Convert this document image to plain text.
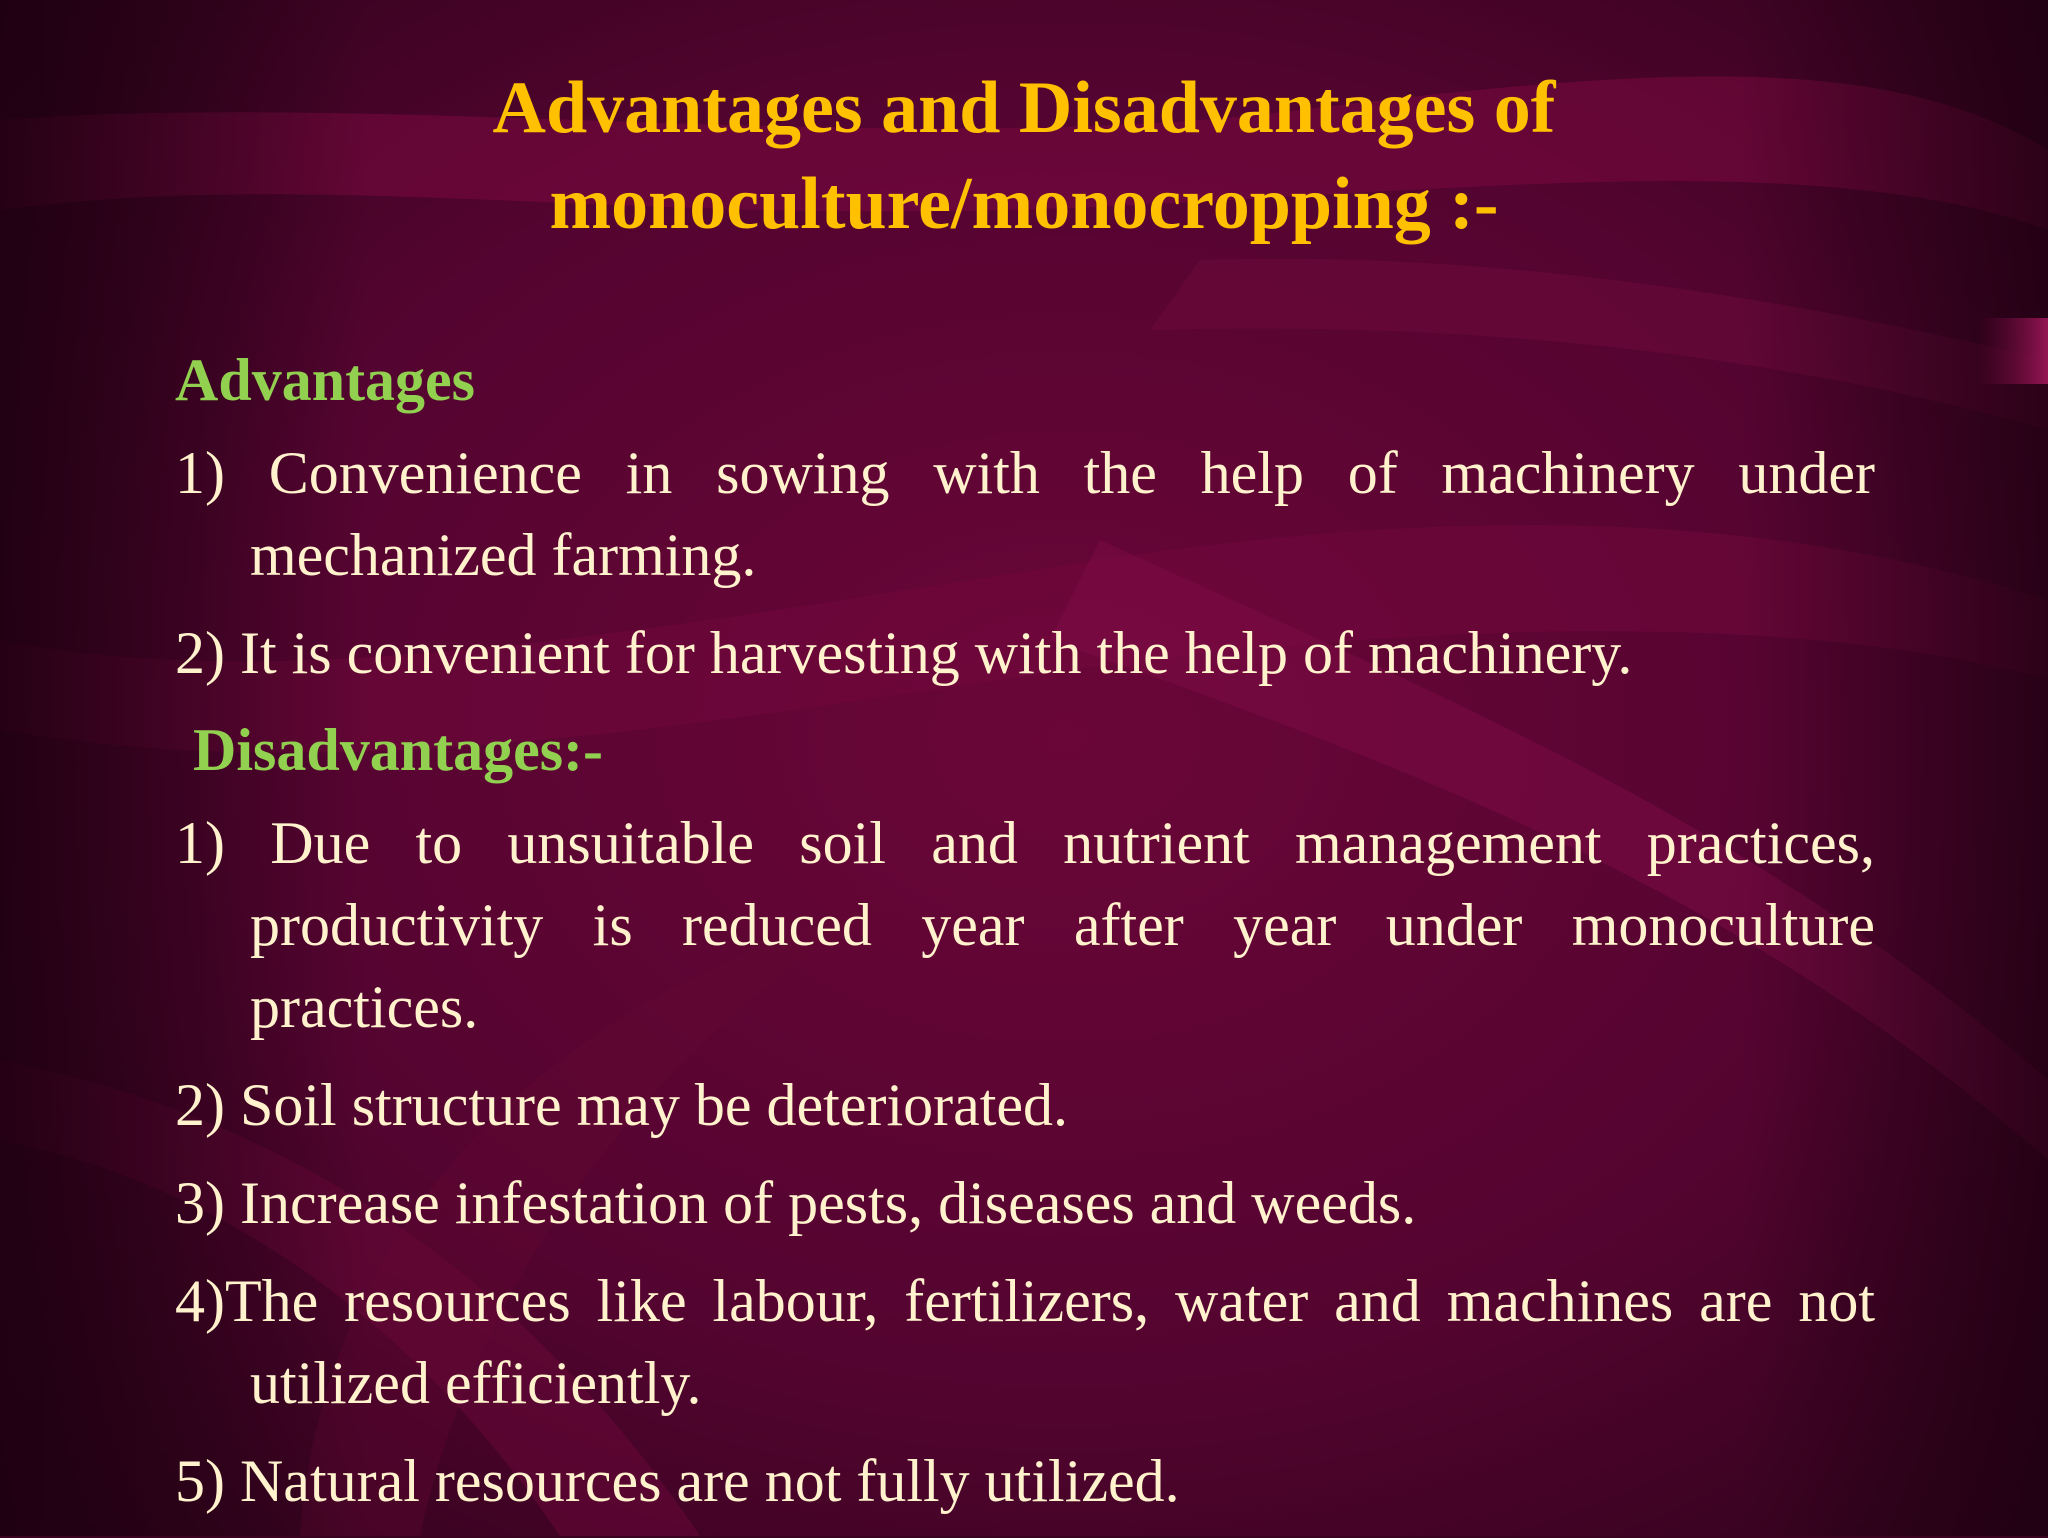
Advantages and Disadvantages of
monoculture/monocropping :-
Advantages
1) Convenience in sowing with the help of machinery under mechanized farming.
2) It is convenient for harvesting with the help of machinery.
Disadvantages:-
1) Due to unsuitable soil and nutrient management practices, productivity is reduced year after year under monoculture practices.
2) Soil structure may be deteriorated.
3) Increase infestation of pests, diseases and weeds.
4)The resources like labour, fertilizers, water and machines are not utilized efficiently.
5) Natural resources are not fully utilized.
